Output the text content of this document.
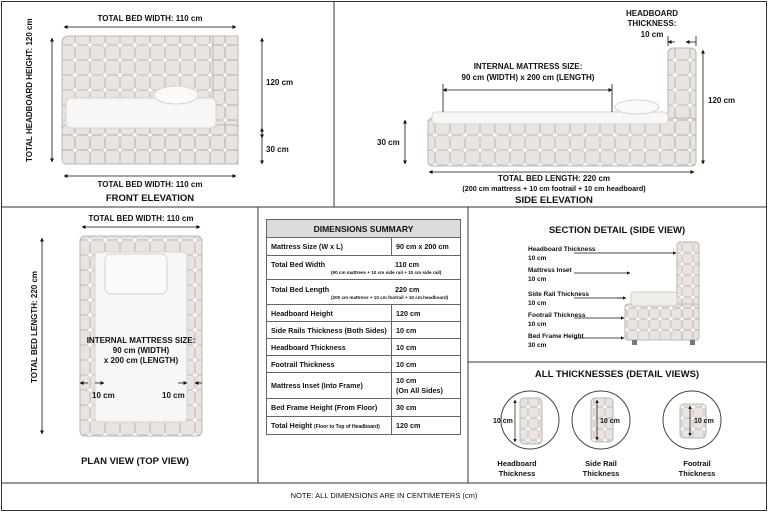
TOTAL BED WIDTH: 110 cm
TOTAL HEADBOARD HEIGHT: 120 cm	120 cm
30 cm
TOTAL BED WIDTH: 110 cm
FRONT ELEVATION
HEADBOARD
THICKNESS:
10 cm
INTERNAL MATTRESS SIZE:
90 cm (WIDTH) x 200 cm (LENGTH)
120 cm
30 cm
TOTAL BED LENGTH: 220 cm
(200 cm mattress + 10 cm footrail + 10 cm headboard)
SIDE ELEVATION
TOTAL BED WIDTH: 110 cm
TOTAL BED LENGTH: 220 cm	INTERNAL MATTRESS SIZE:
90 cm (WIDTH)
x 200 cm (LENGTH)
10 cm	10 cm
PLAN VIEW (TOP VIEW)
DIMENSIONS SUMMARY	
Mattress Size (W x L)	90 cm x 200 cm

Total Bed Width 110 cm
(90 cm mattress + 10 cm side rail + 10 cm side rail)	

Total Bed Length 220 cm
(200 cm mattress + 10 cm footrail + 10 cm headboard)	

Headboard Height	120 cm
Side Rails Thickness (Both Sides)	10 cm
Headboard Thickness	10 cm
Footrail Thickness	10 cm
Mattress Inset (Into Frame)	10 cm
(On All Sides)
Bed Frame Height (From Floor)	30 cm
Total Height (Floor to Top of Headboard)	120 cm
SECTION DETAIL (SIDE VIEW)
Headboard Thickness
10 cm
Mattress Inset
10 cm
Side Rail Thickness
10 cm
Footrail Thickness
10 cm
Bed Frame Height
30 cm
ALL THICKNESSES (DETAIL VIEWS)
10 cm	10 cm	10 cm
Headboard
Thickness
Side Rail
Thickness
Footrail
Thickness
NOTE: ALL DIMENSIONS ARE IN CENTIMETERS (cm)
